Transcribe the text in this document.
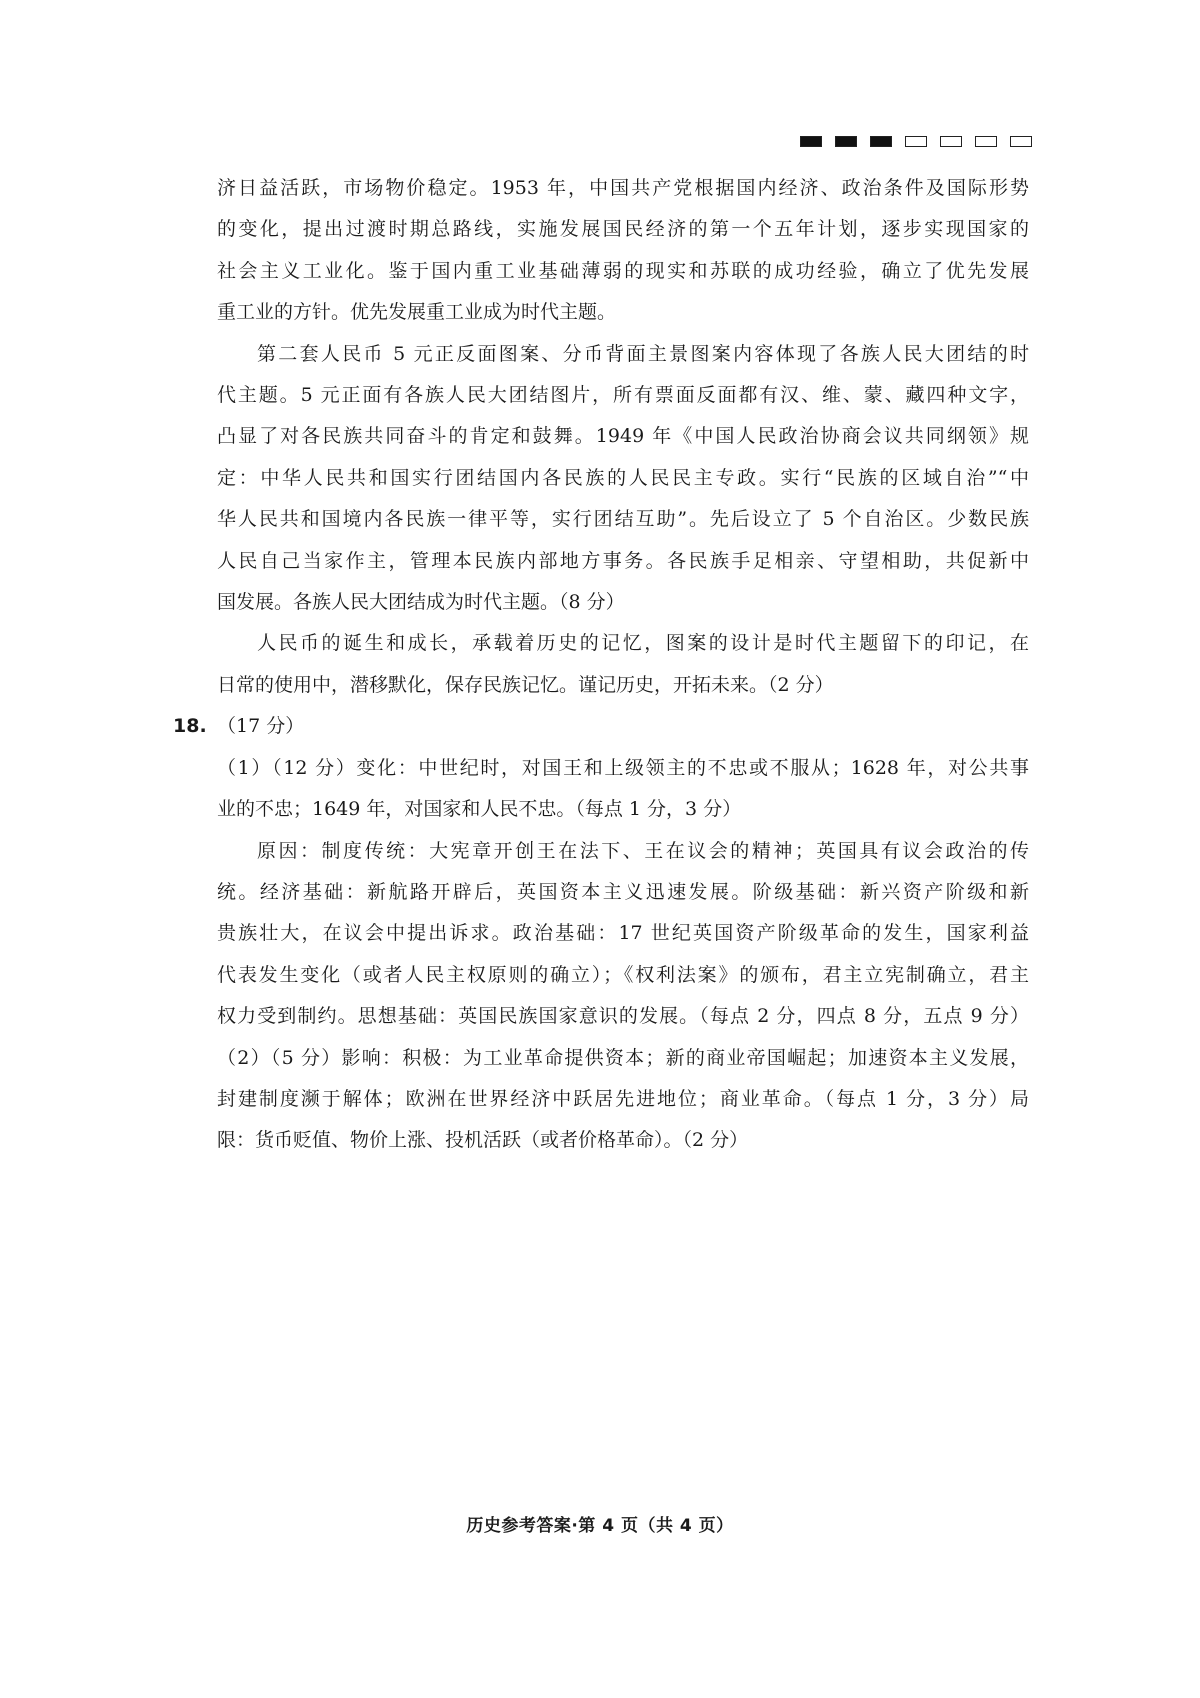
济日益活跃，市场物价稳定。1953 年，中国共产党根据国内经济、政治条件及国际形势
的变化，提出过渡时期总路线，实施发展国民经济的第一个五年计划，逐步实现国家的
社会主义工业化。鉴于国内重工业基础薄弱的现实和苏联的成功经验，确立了优先发展
重工业的方针。优先发展重工业成为时代主题。
第二套人民币 5 元正反面图案、分币背面主景图案内容体现了各族人民大团结的时
代主题。5 元正面有各族人民大团结图片，所有票面反面都有汉、维、蒙、藏四种文字，
凸显了对各民族共同奋斗的肯定和鼓舞。1949 年《中国人民政治协商会议共同纲领》规
定：中华人民共和国实行团结国内各民族的人民民主专政。实行“民族的区域自治”“中
华人民共和国境内各民族一律平等，实行团结互助”。先后设立了 5 个自治区。少数民族
人民自己当家作主，管理本民族内部地方事务。各民族手足相亲、守望相助，共促新中
国发展。各族人民大团结成为时代主题。（8 分）
人民币的诞生和成长，承载着历史的记忆，图案的设计是时代主题留下的印记，在
日常的使用中，潜移默化，保存民族记忆。谨记历史，开拓未来。（2 分）
18. （17 分）
（1）（12 分）变化：中世纪时，对国王和上级领主的不忠或不服从；1628 年，对公共事
业的不忠；1649 年，对国家和人民不忠。（每点 1 分，3 分）
原因：制度传统：大宪章开创王在法下、王在议会的精神；英国具有议会政治的传
统。经济基础：新航路开辟后，英国资本主义迅速发展。阶级基础：新兴资产阶级和新
贵族壮大，在议会中提出诉求。政治基础：17 世纪英国资产阶级革命的发生，国家利益
代表发生变化（或者人民主权原则的确立）；《权利法案》的颁布，君主立宪制确立，君主
权力受到制约。思想基础：英国民族国家意识的发展。（每点 2 分，四点 8 分，五点 9 分）
（2）（5 分）影响：积极：为工业革命提供资本；新的商业帝国崛起；加速资本主义发展，
封建制度濒于解体；欧洲在世界经济中跃居先进地位；商业革命。（每点 1 分，3 分）局
限：货币贬值、物价上涨、投机活跃（或者价格革命）。（2 分）
历史参考答案·第 4 页（共 4 页）
